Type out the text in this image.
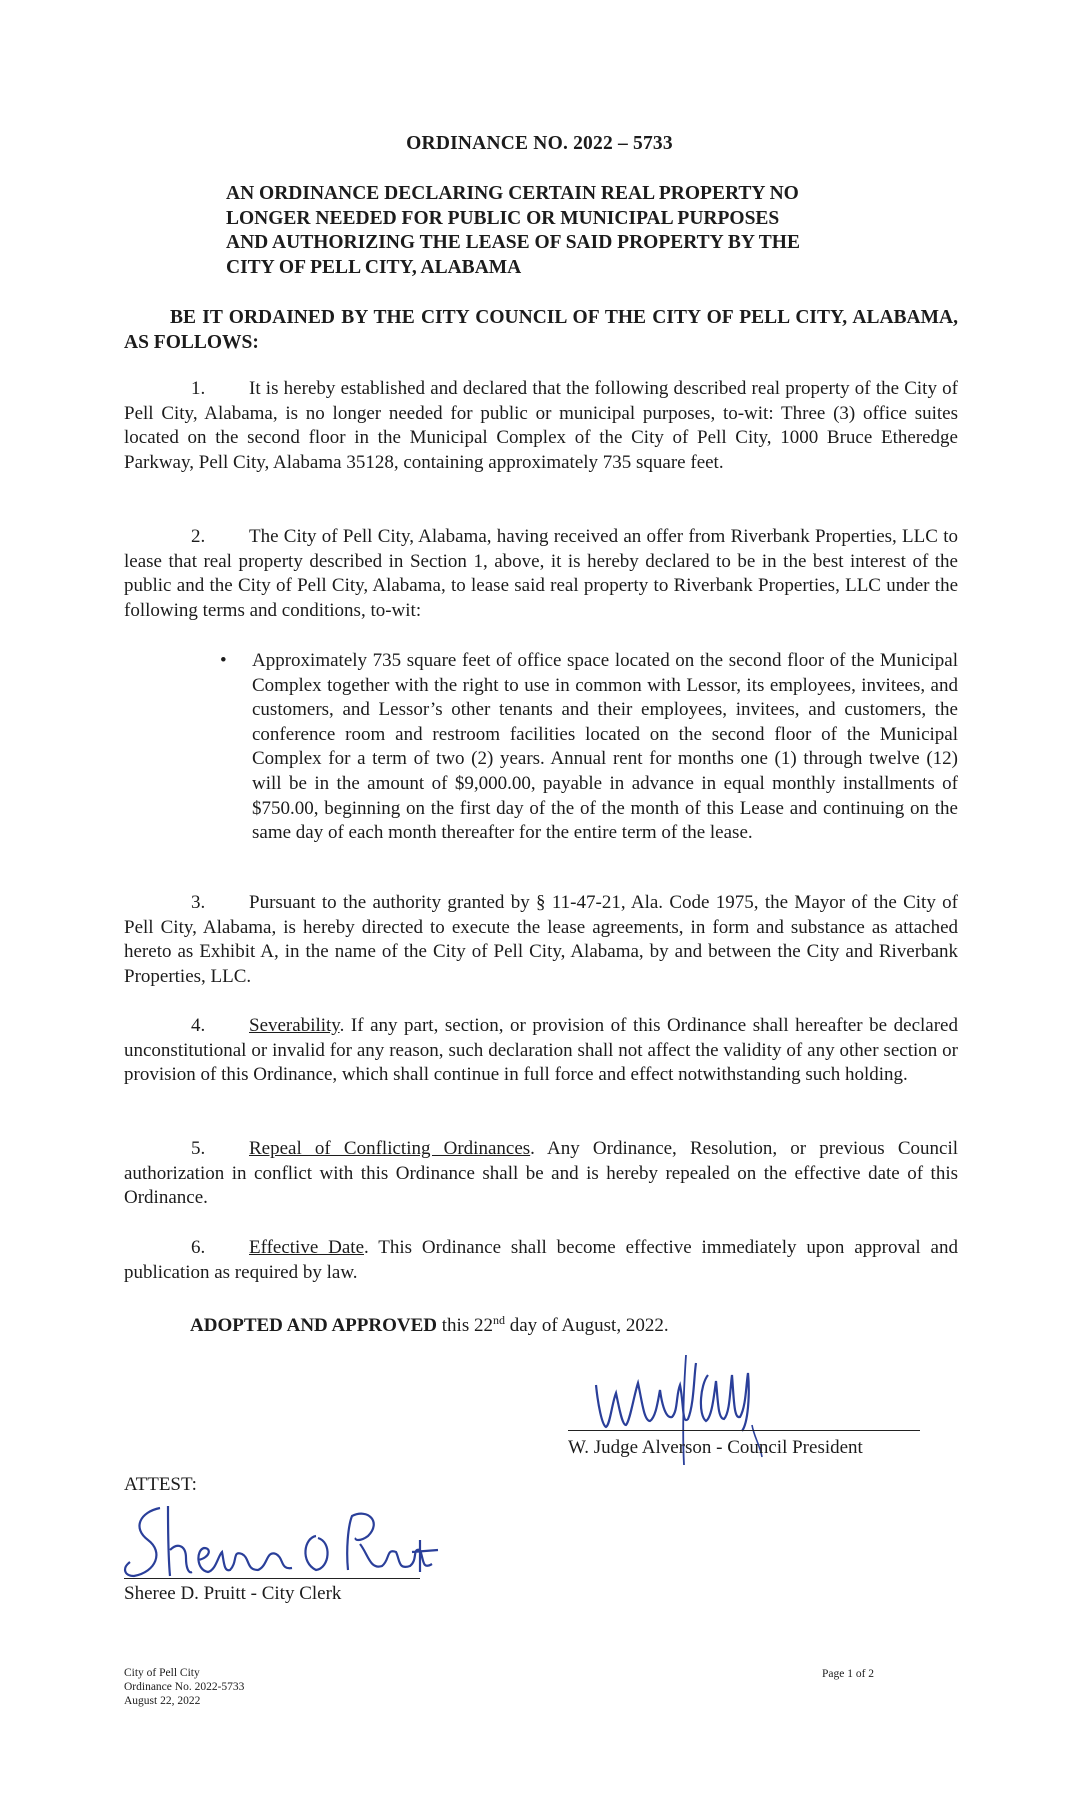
ORDINANCE NO. 2022 – 5733
AN ORDINANCE DECLARING CERTAIN REAL PROPERTY NO
LONGER NEEDED FOR PUBLIC OR MUNICIPAL PURPOSES
AND AUTHORIZING THE LEASE OF SAID PROPERTY BY THE
CITY OF PELL CITY, ALABAMA
BE IT ORDAINED BY THE CITY COUNCIL OF THE CITY OF PELL CITY, ALABAMA, AS FOLLOWS:
1. It is hereby established and declared that the following described real property of the City of Pell City, Alabama, is no longer needed for public or municipal purposes, to-wit: Three (3) office suites located on the second floor in the Municipal Complex of the City of Pell City, 1000 Bruce Etheredge Parkway, Pell City, Alabama 35128, containing approximately 735 square feet.
2. The City of Pell City, Alabama, having received an offer from Riverbank Properties, LLC to lease that real property described in Section 1, above, it is hereby declared to be in the best interest of the public and the City of Pell City, Alabama, to lease said real property to Riverbank Properties, LLC under the following terms and conditions, to-wit:
• Approximately 735 square feet of office space located on the second floor of the Municipal Complex together with the right to use in common with Lessor, its employees, invitees, and customers, and Lessor’s other tenants and their employees, invitees, and customers, the conference room and restroom facilities located on the second floor of the Municipal Complex for a term of two (2) years. Annual rent for months one (1) through twelve (12) will be in the amount of $9,000.00, payable in advance in equal monthly installments of $750.00, beginning on the first day of the of the month of this Lease and continuing on the same day of each month thereafter for the entire term of the lease.
3. Pursuant to the authority granted by § 11-47-21, Ala. Code 1975, the Mayor of the City of Pell City, Alabama, is hereby directed to execute the lease agreements, in form and substance as attached hereto as Exhibit A, in the name of the City of Pell City, Alabama, by and between the City and Riverbank Properties, LLC.
4. Severability. If any part, section, or provision of this Ordinance shall hereafter be declared unconstitutional or invalid for any reason, such declaration shall not affect the validity of any other section or provision of this Ordinance, which shall continue in full force and effect notwithstanding such holding.
5. Repeal of Conflicting Ordinances. Any Ordinance, Resolution, or previous Council authorization in conflict with this Ordinance shall be and is hereby repealed on the effective date of this Ordinance.
6. Effective Date. This Ordinance shall become effective immediately upon approval and publication as required by law.
ADOPTED AND APPROVED this 22nd day of August, 2022.
W. Judge Alverson - Council President
ATTEST:
Sheree D. Pruitt - City Clerk
City of Pell City
Ordinance No. 2022-5733
August 22, 2022
Page 1 of 2
